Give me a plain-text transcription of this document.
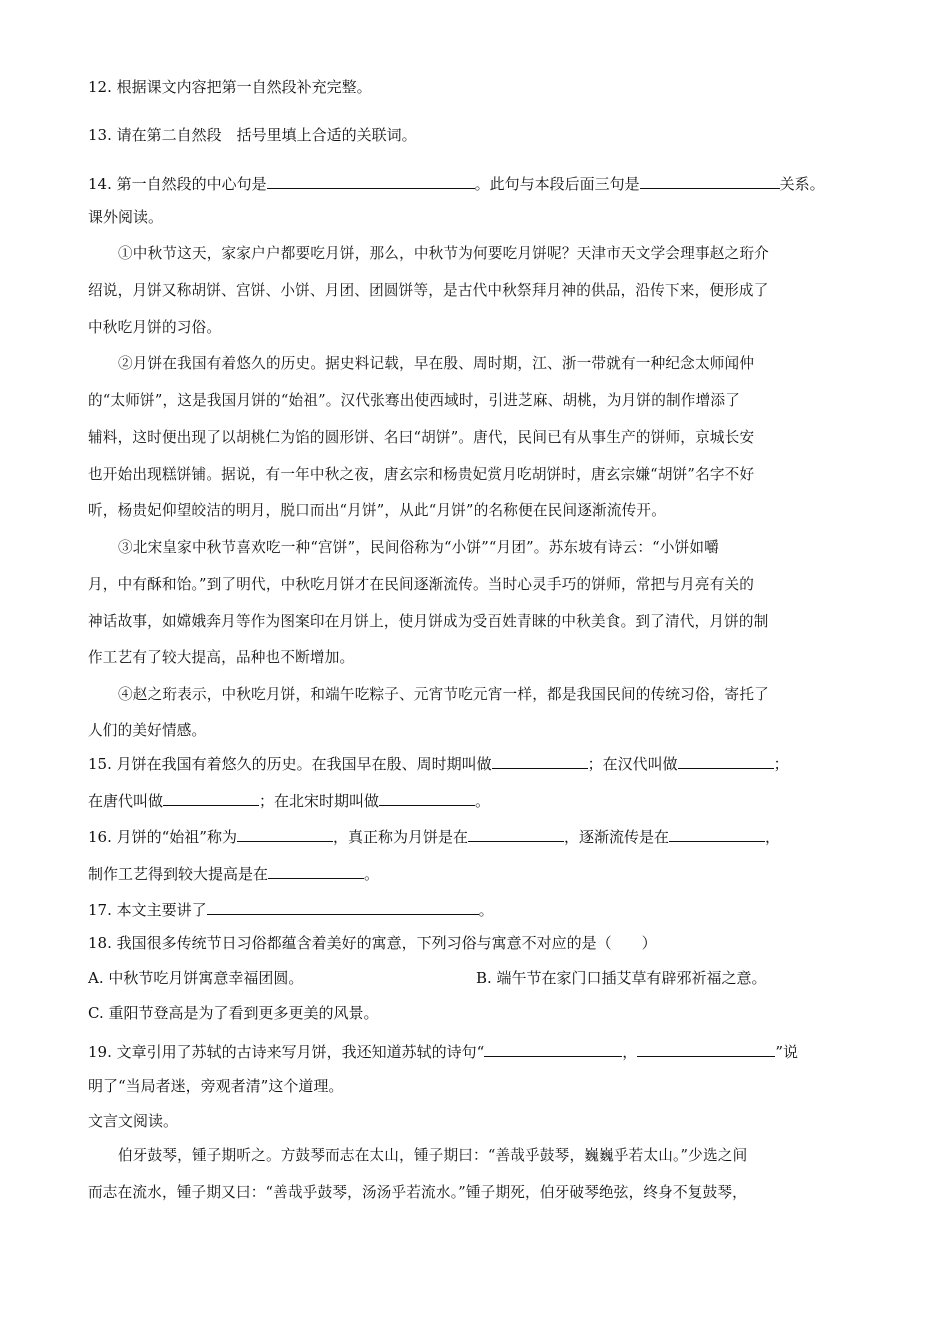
12. 根据课文内容把第一自然段补充完整。
13. 请在第二自然段　括号里填上合适的关联词。
14. 第一自然段的中心句是	。此句与本段后面三句是	关系。
课外阅读。
①中秋节这天，家家户户都要吃月饼，那么，中秋节为何要吃月饼呢？天津市天文学会理事赵之珩介
绍说，月饼又称胡饼、宫饼、小饼、月团、团圆饼等，是古代中秋祭拜月神的供品，沿传下来，便形成了
中秋吃月饼的习俗。
②月饼在我国有着悠久的历史。据史料记载，早在殷、周时期，江、浙一带就有一种纪念太师闻仲
的“太师饼”，这是我国月饼的“始祖”。汉代张骞出使西域时，引进芝麻、胡桃，为月饼的制作增添了
辅料，这时便出现了以胡桃仁为馅的圆形饼、名曰“胡饼”。唐代，民间已有从事生产的饼师，京城长安
也开始出现糕饼铺。据说，有一年中秋之夜，唐玄宗和杨贵妃赏月吃胡饼时，唐玄宗嫌“胡饼”名字不好
听，杨贵妃仰望皎洁的明月，脱口而出“月饼”，从此“月饼”的名称便在民间逐渐流传开。
③北宋皇家中秋节喜欢吃一种“宫饼”，民间俗称为“小饼”“月团”。苏东坡有诗云：“小饼如嚼
月，中有酥和饴。”到了明代，中秋吃月饼才在民间逐渐流传。当时心灵手巧的饼师，常把与月亮有关的
神话故事，如嫦娥奔月等作为图案印在月饼上，使月饼成为受百姓青睐的中秋美食。到了清代，月饼的制
作工艺有了较大提高，品种也不断增加。
④赵之珩表示，中秋吃月饼，和端午吃粽子、元宵节吃元宵一样，都是我国民间的传统习俗，寄托了
人们的美好情感。
15. 月饼在我国有着悠久的历史。在我国早在殷、周时期叫做	；在汉代叫做	；
在唐代叫做	；在北宋时期叫做	。
16. 月饼的“始祖”称为	，真正称为月饼是在	，逐渐流传是在	，
制作工艺得到较大提高是在	。
17. 本文主要讲了	。
18. 我国很多传统节日习俗都蕴含着美好的寓意，下列习俗与寓意不对应的是（　　）
A. 中秋节吃月饼寓意幸福团圆。	B. 端午节在家门口插艾草有辟邪祈福之意。
C. 重阳节登高是为了看到更多更美的风景。
19. 文章引用了苏轼的古诗来写月饼，我还知道苏轼的诗句“	，	”说
明了“当局者迷，旁观者清”这个道理。
文言文阅读。
伯牙鼓琴，锺子期听之。方鼓琴而志在太山，锺子期曰：“善哉乎鼓琴，巍巍乎若太山。”少选之间
而志在流水，锺子期又曰：“善哉乎鼓琴，汤汤乎若流水。”锺子期死，伯牙破琴绝弦，终身不复鼓琴，
